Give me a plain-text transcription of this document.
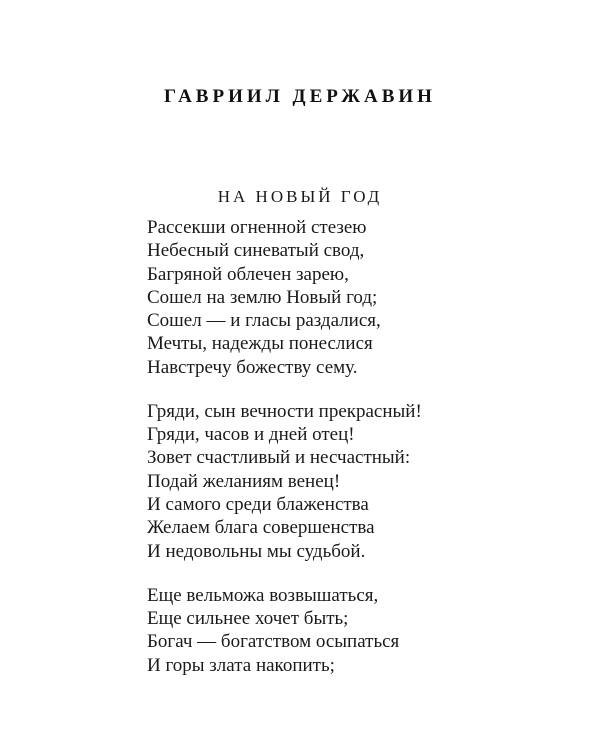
ГАВРИИЛ ДЕРЖАВИН
НА НОВЫЙ ГОД
Рассекши огненной стезею
Небесный синеватый свод,
Багряной облечен зарею,
Сошел на землю Новый год;
Сошел — и гласы раздалися,
Мечты, надежды понеслися
Навстречу божеству сему.
Гряди, сын вечности прекрасный!
Гряди, часов и дней отец!
Зовет счастливый и несчастный:
Подай желаниям венец!
И самого среди блаженства
Желаем блага совершенства
И недовольны мы судьбой.
Еще вельможа возвышаться,
Еще сильнее хочет быть;
Богач — богатством осыпаться
И горы злата накопить;
